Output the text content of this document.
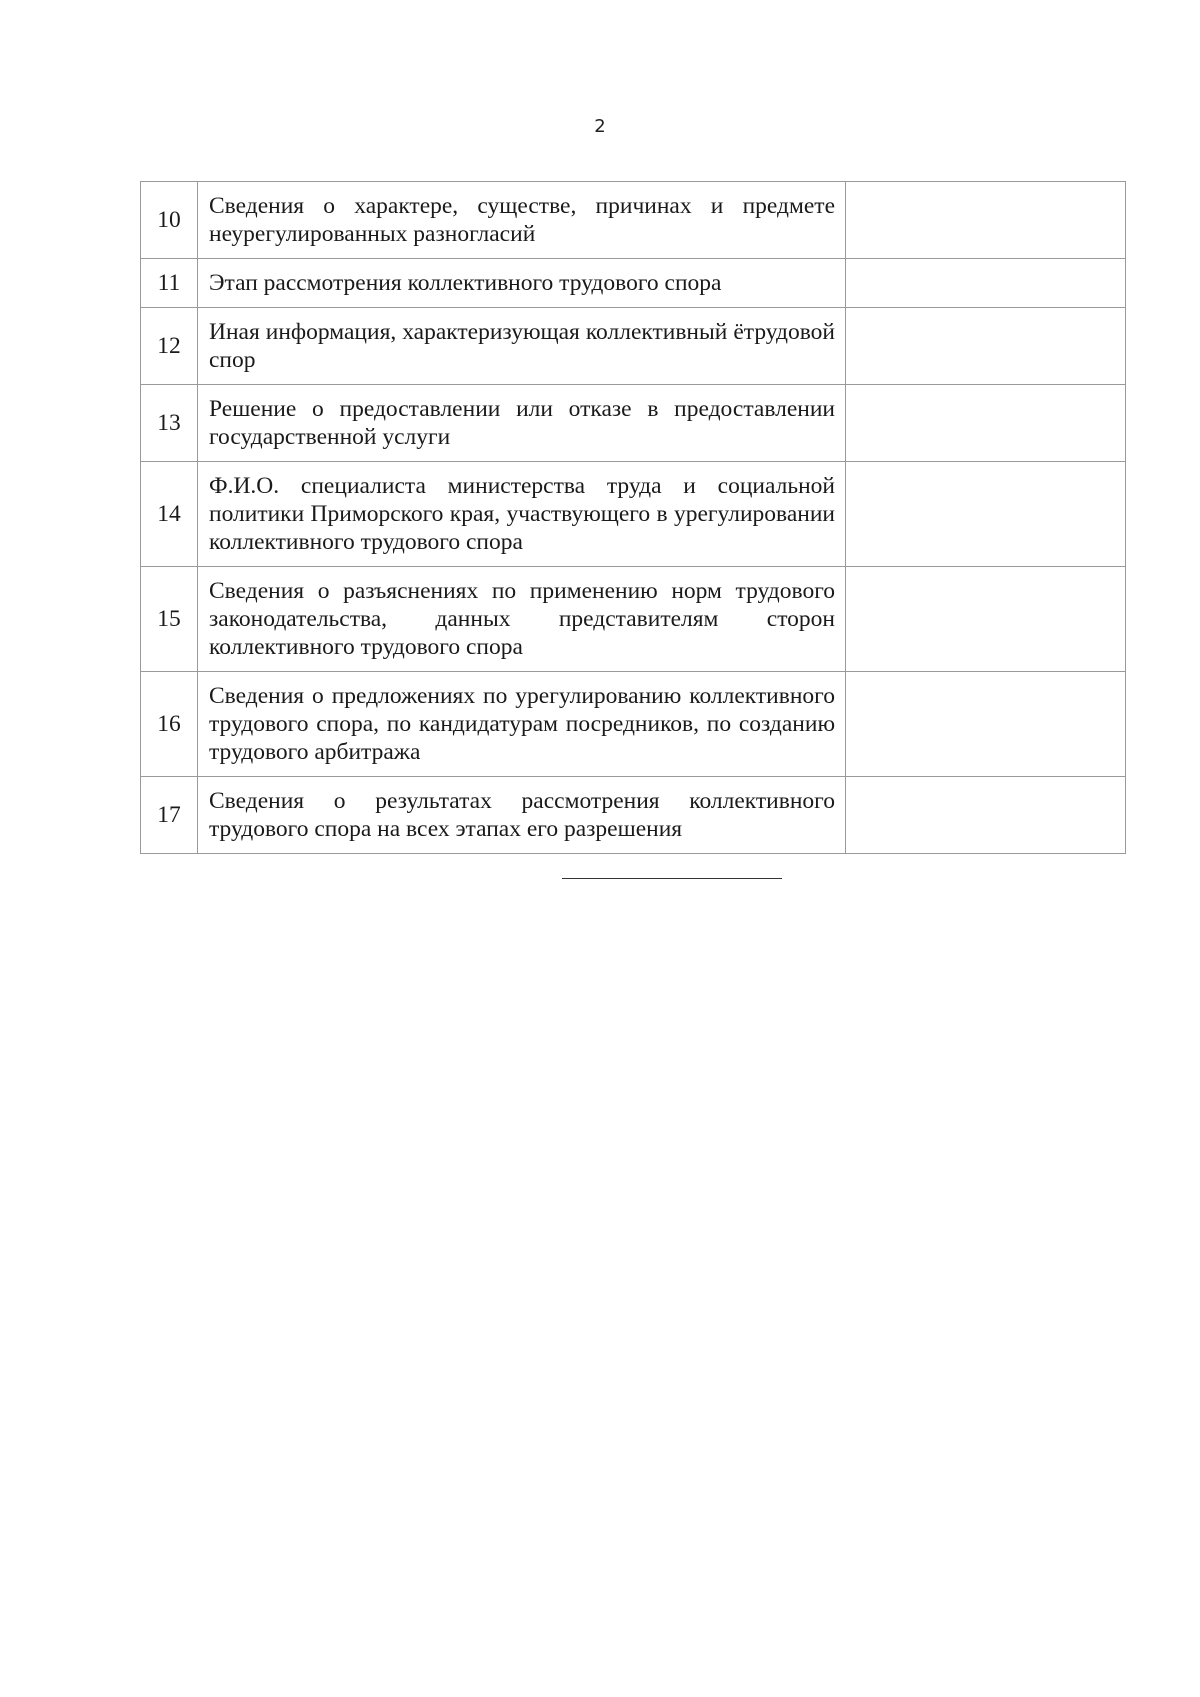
2
10	Сведения о характере, существе, причинах и предмете неурегулированных разногласий	
11	Этап рассмотрения коллективного трудового спора	
12	Иная информация, характеризующая коллективный ётрудовой спор	
13	Решение о предоставлении или отказе в предоставлении государственной услуги	
14	Ф.И.О. специалиста министерства труда и социальной политики Приморского края, участвующего в урегулировании коллективного трудового спора	
15	Сведения о разъяснениях по применению норм трудового законодательства, данных представителям сторон коллективного трудового спора	
16	Сведения о предложениях по урегулированию коллективного трудового спора, по кандидатурам посредников, по созданию трудового арбитража	
17	Сведения о результатах рассмотрения коллективного трудового спора на всех этапах его разрешения	
